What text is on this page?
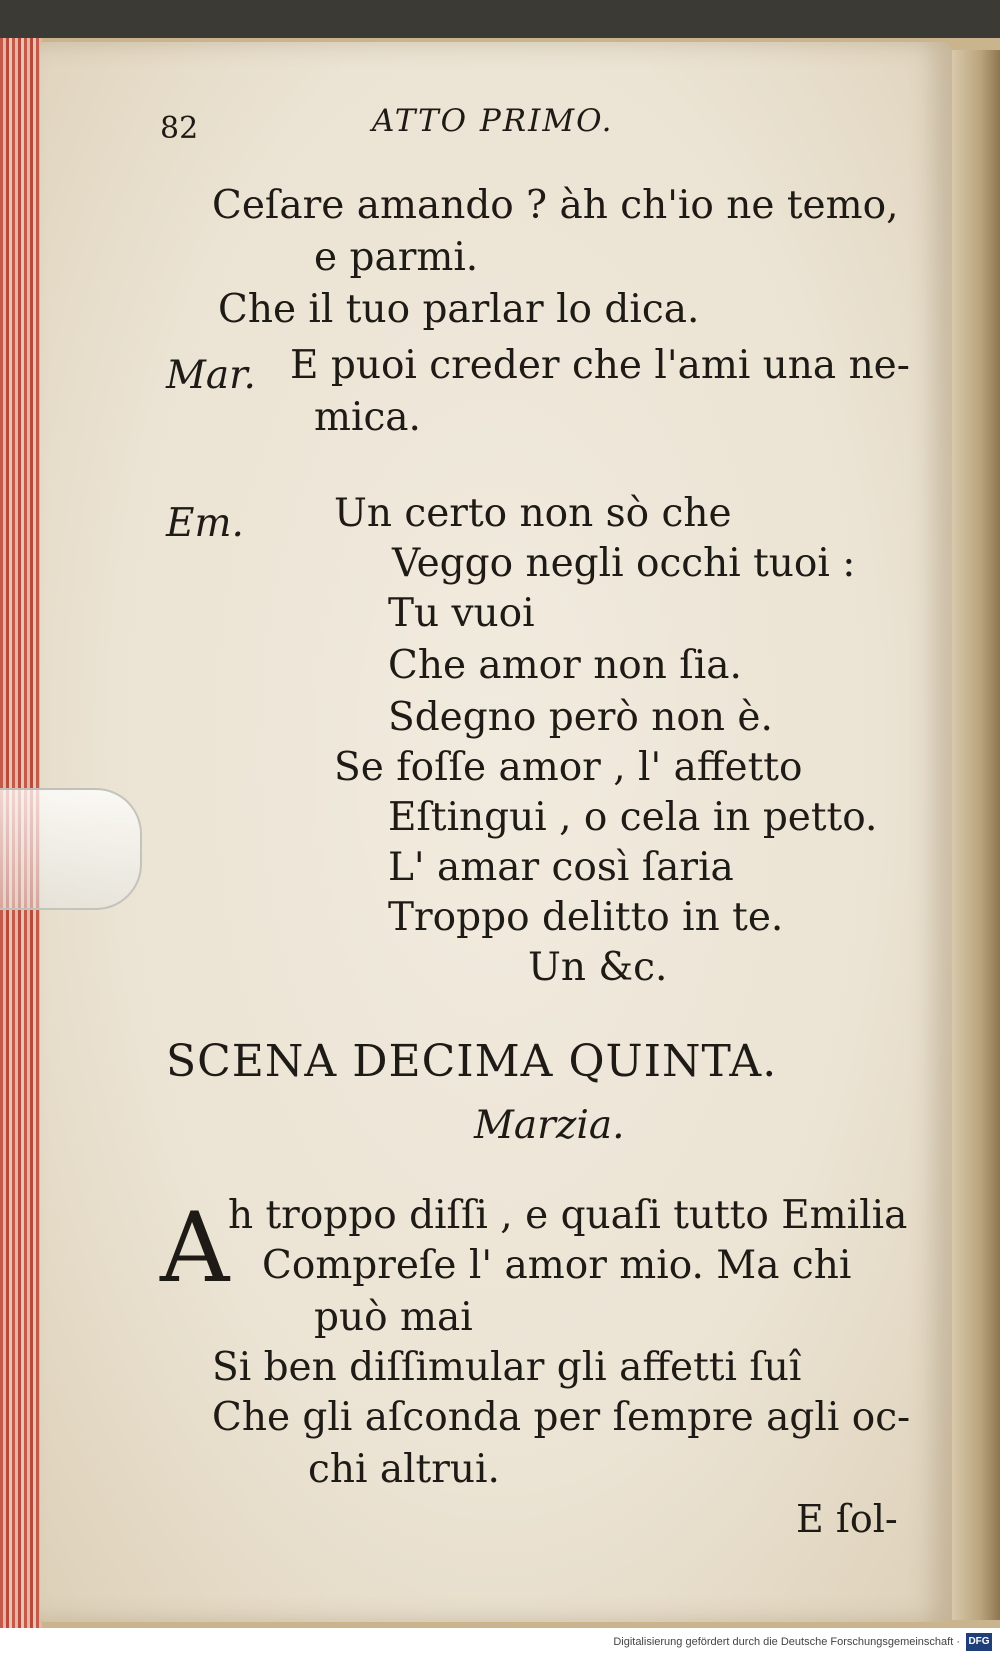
82	ATTO PRIMO.
Ceſare amando ? àh ch'io ne temo,
e parmi.
Che il tuo parlar lo dica.
Mar. E puoi creder che l'ami una ne-
mica.
Em. Un certo non sò che
Veggo negli occhi tuoi :
Tu vuoi
Che amor non ſia.
Sdegno però non è.
Se foſſe amor , l' affetto
Eſtingui , o cela in petto.
L' amar così ſaria
Troppo delitto in te.
Un &c.
SCENA DECIMA QUINTA.
Marzia.
A
h troppo diſſi , e quaſi tutto Emilia
Compreſe l' amor mio. Ma chi
può mai
Si ben diſſimular gli affetti ſuî
Che gli aſconda per ſempre agli oc-
chi altrui.
E ſol-
Digitalisierung gefördert durch die Deutsche Forschungsgemeinschaft · DFG
